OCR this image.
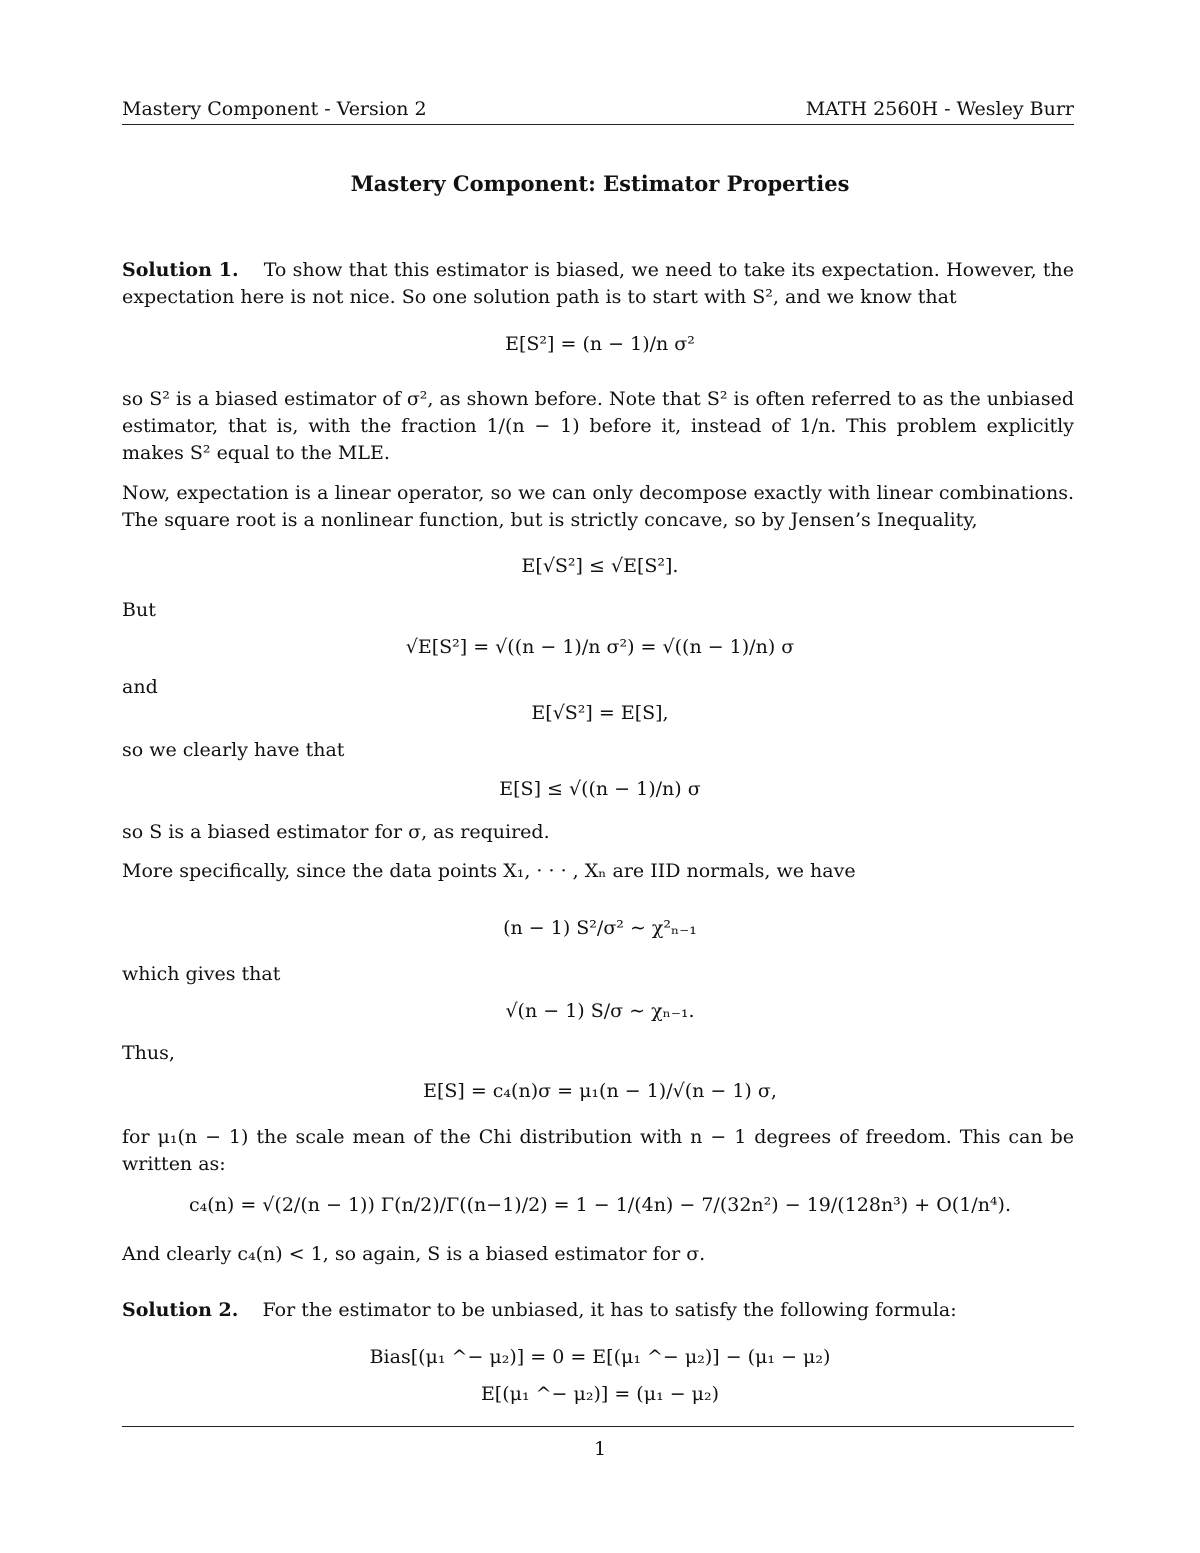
Mastery Component - Version 2	MATH 2560H - Wesley Burr
Mastery Component: Estimator Properties
Solution 1. To show that this estimator is biased, we need to take its expectation. However, the expectation here is not nice. So one solution path is to start with S², and we know that
E[S²] = (n − 1)/n σ²
so S² is a biased estimator of σ², as shown before. Note that S² is often referred to as the unbiased estimator, that is, with the fraction 1/(n − 1) before it, instead of 1/n. This problem explicitly makes S² equal to the MLE.
Now, expectation is a linear operator, so we can only decompose exactly with linear combinations. The square root is a nonlinear function, but is strictly concave, so by Jensen’s Inequality,
E[√S²] ≤ √E[S²].
But
√E[S²] = √((n − 1)/n σ²) = √((n − 1)/n) σ
and
E[√S²] = E[S],
so we clearly have that
E[S] ≤ √((n − 1)/n) σ
so S is a biased estimator for σ, as required.
More specifically, since the data points X₁, · · · , Xₙ are IID normals, we have
(n − 1) S²/σ² ∼ χ²ₙ₋₁
which gives that
√(n − 1) S/σ ∼ χₙ₋₁.
Thus,
E[S] = c₄(n)σ = μ₁(n − 1)/√(n − 1) σ,
for μ₁(n − 1) the scale mean of the Chi distribution with n − 1 degrees of freedom. This can be written as:
c₄(n) = √(2/(n − 1)) Γ(n/2)/Γ((n−1)/2) = 1 − 1/(4n) − 7/(32n²) − 19/(128n³) + O(1/n⁴).
And clearly c₄(n) < 1, so again, S is a biased estimator for σ.
Solution 2. For the estimator to be unbiased, it has to satisfy the following formula:
Bias[(μ₁ ^− μ₂)] = 0 = E[(μ₁ ^− μ₂)] − (μ₁ − μ₂)
E[(μ₁ ^− μ₂)] = (μ₁ − μ₂)
1
